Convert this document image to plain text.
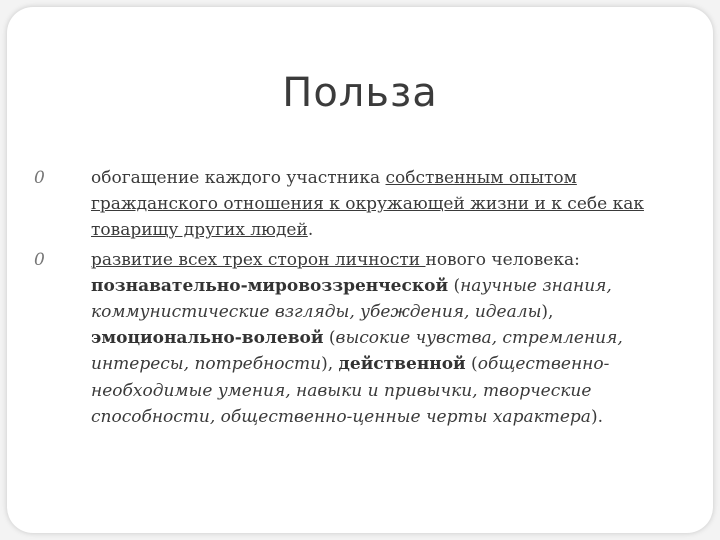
Польза
0	обогащение каждого участника собственным опытом гражданского отношения к окружающей жизни и к себе как товарищу других людей.
0	развитие всех трех сторон личности нового человека: познавательно-мировоззренческой (научные знания, коммунистические взгляды, убеждения, идеалы), эмоционально-волевой (высокие чувства, стремления, интересы, потребности), действенной (общественно-необходимые умения, навыки и привычки, творческие способности, общественно-ценные черты характера).
